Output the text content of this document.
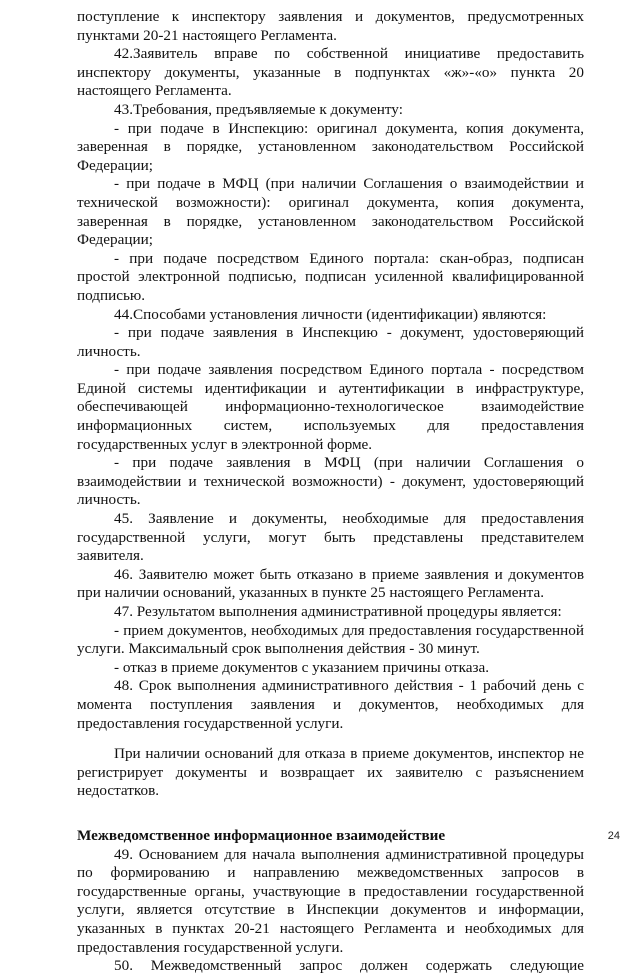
поступление к инспектору заявления и документов, предусмотренных пунктами 20-21 настоящего Регламента.

42.Заявитель вправе по собственной инициативе предоставить инспектору документы, указанные в подпунктах «ж»-«о» пункта 20 настоящего Регламента.

43.Требования, предъявляемые к документу:

- при подаче в Инспекцию: оригинал документа, копия документа, заверенная в порядке, установленном законодательством Российской Федерации;

- при подаче в МФЦ (при наличии Соглашения о взаимодействии и технической возможности): оригинал документа, копия документа, заверенная в порядке, установленном законодательством Российской Федерации;

- при подаче посредством Единого портала: скан-образ, подписан простой электронной подписью, подписан усиленной квалифицированной подписью.

44.Способами установления личности (идентификации) являются:

- при подаче заявления в Инспекцию - документ, удостоверяющий личность.

- при подаче заявления посредством Единого портала - посредством Единой системы идентификации и аутентификации в инфраструктуре, обеспечивающей информационно-технологическое взаимодействие информационных систем, используемых для предоставления государственных услуг в электронной форме.

- при подаче заявления в МФЦ (при наличии Соглашения о взаимодействии и технической возможности) - документ, удостоверяющий личность.

45. Заявление и документы, необходимые для предоставления государственной услуги, могут быть представлены представителем заявителя.

46. Заявителю может быть отказано в приеме заявления и документов при наличии оснований, указанных в пункте 25 настоящего Регламента.

47. Результатом выполнения административной процедуры является:

- прием документов, необходимых для предоставления государственной услуги. Максимальный срок выполнения действия - 30 минут.

- отказ в приеме документов с указанием причины отказа.

48. Срок выполнения административного действия - 1 рабочий день с момента поступления заявления и документов, необходимых для предоставления государственной услуги.

При наличии оснований для отказа в приеме документов, инспектор не регистрирует документы и возвращает их заявителю с разъяснением недостатков.

Межведомственное информационное взаимодействие

49. Основанием для начала выполнения административной процедуры по формированию и направлению межведомственных запросов в государственные органы, участвующие в предоставлении государственной услуги, является отсутствие в Инспекции документов и информации, указанных в пунктах 20-21 настоящего Регламента и необходимых для предоставления государственной услуги.

50. Межведомственный запрос должен содержать следующие

24
